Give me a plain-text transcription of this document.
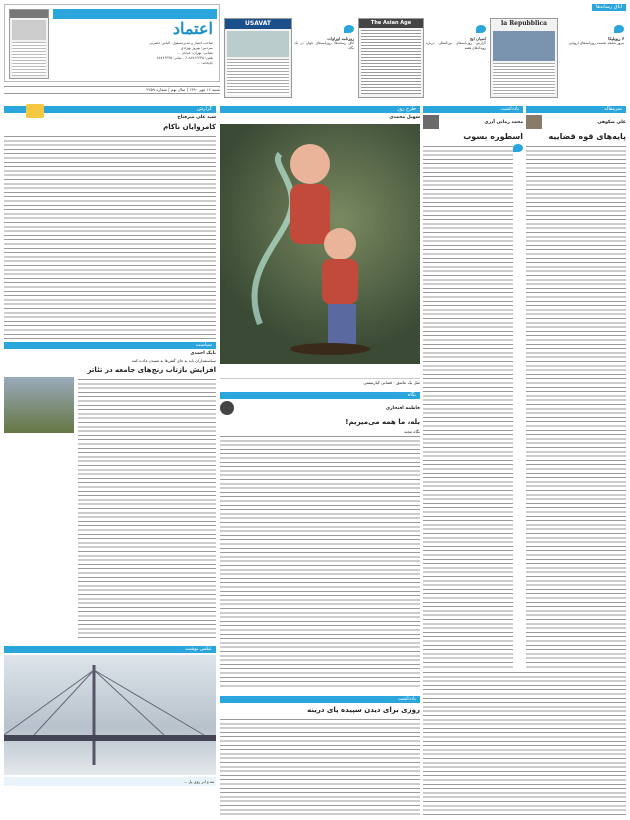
اعتماد
صاحب امتیاز و مدیرمسئول: الیاس حضرتی
سردبیر: بهروز بهزادی
نشانی: تهران، خیابان ...
تلفن: ۸۸۷۶۶۴۳۵-۶ - نمابر: ۸۸۷۶۶۴۳۵
چاپخانه: ...
اتاق رسانه‌ها
USAVAT
روزنامه اوزاوات
اتاق رسانه‌ها؛ روزنامه‌های جهان در یک نگاه
The Asian Age
آسیان ایج
گزارش روزنامه‌های بین‌المللی درباره رویدادهای هفته
la Repubblica
لا رپوبلیکا
مرور صفحه نخست روزنامه‌های اروپایی
شنبه ۱۶ مهر ۱۳۹۰ | سال نهم | شماره ۲۲۵۹
سرمقاله
علی شکوهی
پایه‌های قوه قضاییه
یادداشت
محمد زمانی آذری
اسطوره بسوب
طرح روز
سهیل محمدی
مثل یک عاشق - قصابی کیارستمی
گزارش
سید علی میرفتاح
کامروایان ناکام
سیاست
بابک احمدی
سیاستمداران باید به جای گفتن‌ها به شنیدن عادت کنند
افزایش بازتاب رنج‌های جامعه در تئاتر
نگاه
فاطمه افتخاری
بله، ما همه می‌میریم!
نگاه مجید
یادداشت
روزی برای دیدن سپیده پای درینه
عکس نوشت
مه و ابر روی پل ...
